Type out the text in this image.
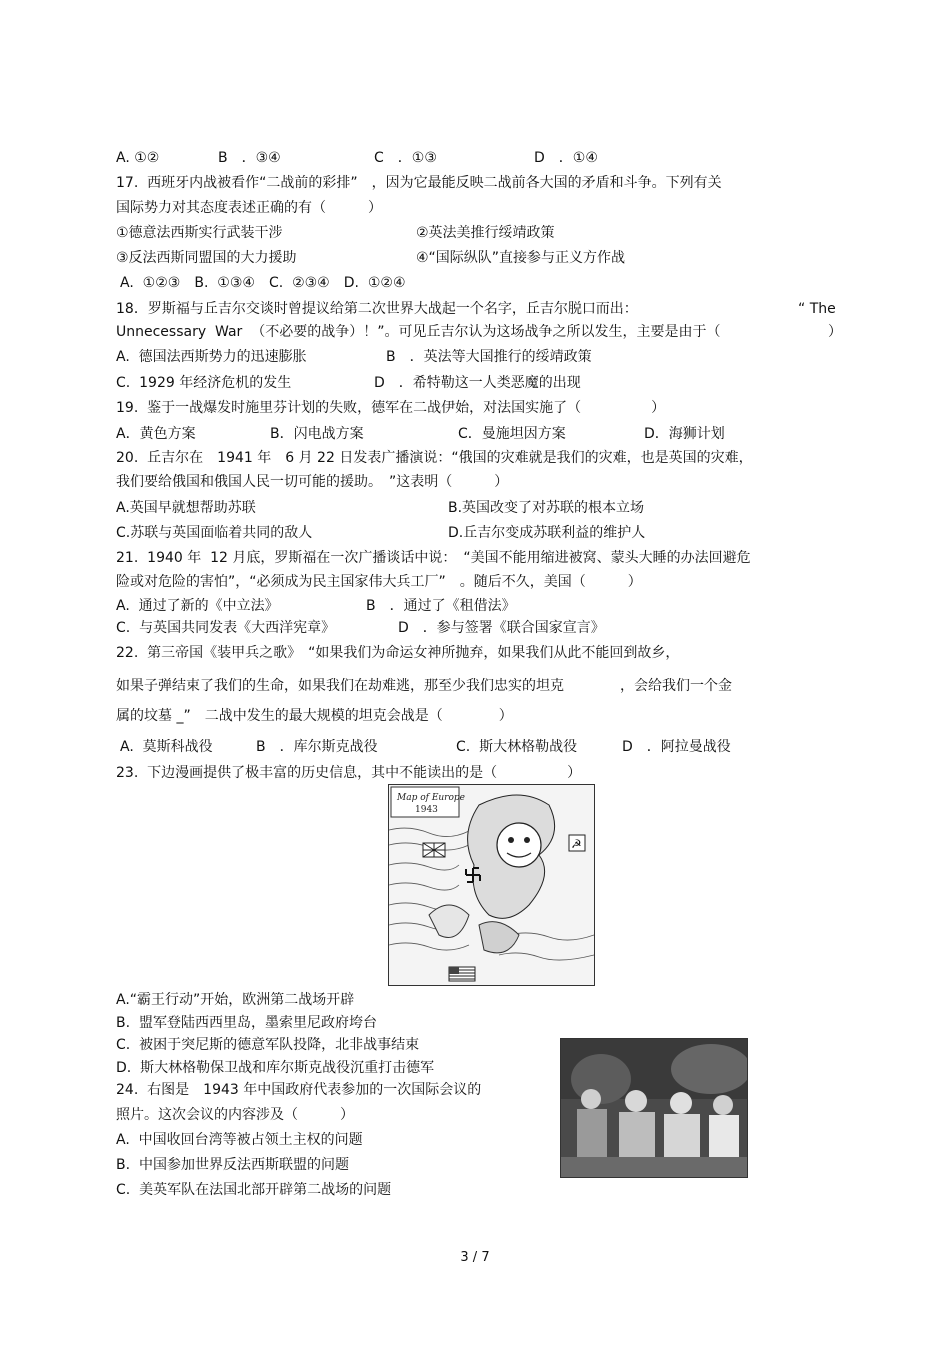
A. ①②	B　．③④	C　．①③	D　．①④
17.  西班牙内战被看作“二战前的彩排”　，因为它最能反映二战前各大国的矛盾和斗争。下列有关
国际势力对其态度表述正确的有（　　　）
①德意法西斯实行武装干涉	②英法美推行绥靖政策
③反法西斯同盟国的大力援助	④“国际纵队”直接参与正义方作战
A.  ①②③　B.  ①③④　C.  ②③④　D.  ①②④
18．罗斯福与丘吉尔交谈时曾提议给第二次世界大战起一个名字，丘吉尔脱口而出：	“ The
Unnecessary  War  （不必要的战争）！”。可见丘吉尔认为这场战争之所以发生，主要是由于（	）
A.  德国法西斯势力的迅速膨胀	B　．英法等大国推行的绥靖政策
C.  1929 年经济危机的发生	D　．希特勒这一人类恶魔的出现
19.  鉴于一战爆发时施里芬计划的失败，德军在二战伊始，对法国实施了（　　　　　）
A．黄色方案	B．闪电战方案	C．曼施坦因方案	D．海狮计划
20.  丘吉尔在　1941 年　6 月 22 日发表广播演说：“俄国的灾难就是我们的灾难，也是英国的灾难，
我们要给俄国和俄国人民一切可能的援助。　”这表明（　　　）
A.英国早就想帮助苏联	B.英国改变了对苏联的根本立场
C.苏联与英国面临着共同的敌人	D.丘吉尔变成苏联利益的维护人
21.  1940 年  12 月底，罗斯福在一次广播谈话中说：　“美国不能用缩进被窝、蒙头大睡的办法回避危
险或对危险的害怕”，“必须成为民主国家伟大兵工厂”　。随后不久，美国（　　　）
A.  通过了新的《中立法》	B　．通过了《租借法》
C.  与英国共同发表《大西洋宪章》	D　．参与签署《联合国家宣言》
22.  第三帝国《装甲兵之歌》　“如果我们为命运女神所抛弃，如果我们从此不能回到故乡，
如果子弹结束了我们的生命，如果我们在劫难逃，那至少我们忠实的坦克　　　　，会给我们一个金
属的坟墓 _”　二战中发生的最大规模的坦克会战是（　　　　）
A.  莫斯科战役	B　．库尔斯克战役	C.  斯大林格勒战役	D　．阿拉曼战役
23.  下边漫画提供了极丰富的历史信息，其中不能读出的是（　　　　　）
Map of Europe
1943
☭
A.“霸王行动”开始，欧洲第二战场开辟
B.  盟军登陆西西里岛，墨索里尼政府垮台
C.  被困于突尼斯的德意军队投降，北非战事结束
D.  斯大林格勒保卫战和库尔斯克战役沉重打击德军
24.  右图是　1943 年中国政府代表参加的一次国际会议的
照片。这次会议的内容涉及（　　　）
A.  中国收回台湾等被占领土主权的问题
B.  中国参加世界反法西斯联盟的问题
C.  美英军队在法国北部开辟第二战场的问题
3 / 7
